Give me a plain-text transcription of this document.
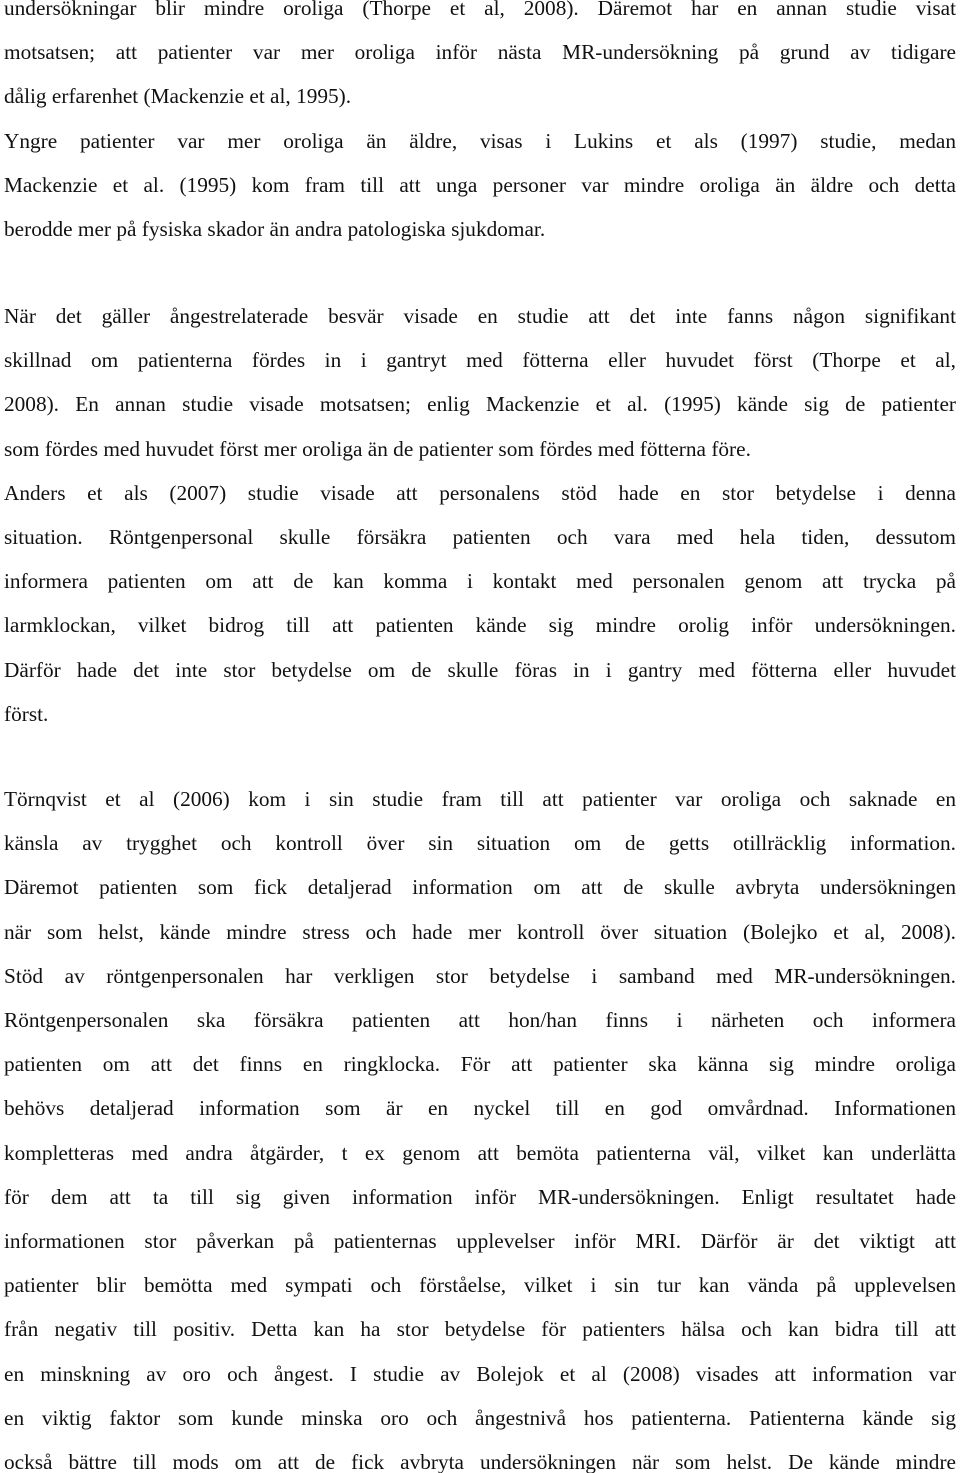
undersökningar blir mindre oroliga (Thorpe et al, 2008). Däremot har en annan studie visat
motsatsen; att patienter var mer oroliga inför nästa MR-undersökning på grund av tidigare
dålig erfarenhet (Mackenzie et al, 1995).
Yngre patienter var mer oroliga än äldre, visas i Lukins et als (1997) studie, medan
Mackenzie et al. (1995) kom fram till att unga personer var mindre oroliga än äldre och detta
berodde mer på fysiska skador än andra patologiska sjukdomar.
När det gäller ångestrelaterade besvär visade en studie att det inte fanns någon signifikant
skillnad om patienterna fördes in i gantryt med fötterna eller huvudet först (Thorpe et al,
2008). En annan studie visade motsatsen; enlig Mackenzie et al. (1995) kände sig de patienter
som fördes med huvudet först mer oroliga än de patienter som fördes med fötterna före.
Anders et als (2007) studie visade att personalens stöd hade en stor betydelse i denna
situation. Röntgenpersonal skulle försäkra patienten och vara med hela tiden, dessutom
informera patienten om att de kan komma i kontakt med personalen genom att trycka på
larmklockan, vilket bidrog till att patienten kände sig mindre orolig inför undersökningen.
Därför hade det inte stor betydelse om de skulle föras in i gantry med fötterna eller huvudet
först.
Törnqvist et al (2006) kom i sin studie fram till att patienter var oroliga och saknade en
känsla av trygghet och kontroll över sin situation om de getts otillräcklig information.
Däremot patienten som fick detaljerad information om att de skulle avbryta undersökningen
när som helst, kände mindre stress och hade mer kontroll över situation (Bolejko et al, 2008).
Stöd av röntgenpersonalen har verkligen stor betydelse i samband med MR-undersökningen.
Röntgenpersonalen ska försäkra patienten att hon/han finns i närheten och informera
patienten om att det finns en ringklocka. För att patienter ska känna sig mindre oroliga
behövs detaljerad information som är en nyckel till en god omvårdnad. Informationen
kompletteras med andra åtgärder, t ex genom att bemöta patienterna väl, vilket kan underlätta
för dem att ta till sig given information inför MR-undersökningen. Enligt resultatet hade
informationen stor påverkan på patienternas upplevelser inför MRI. Därför är det viktigt att
patienter blir bemötta med sympati och förståelse, vilket i sin tur kan vända på upplevelsen
från negativ till positiv. Detta kan ha stor betydelse för patienters hälsa och kan bidra till att
en minskning av oro och ångest. I studie av Bolejok et al (2008) visades att information var
en viktig faktor som kunde minska oro och ångestnivå hos patienterna. Patienterna kände sig
också bättre till mods om att de fick avbryta undersökningen när som helst. De kände mindre
